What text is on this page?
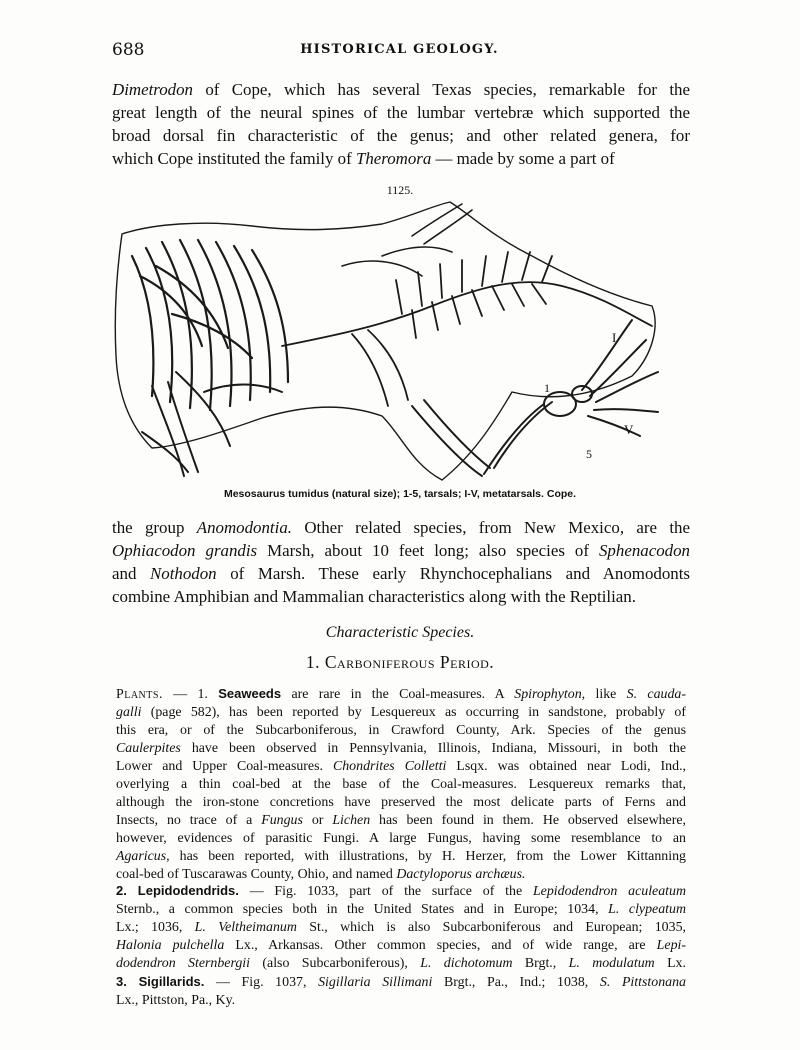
688	HISTORICAL GEOLOGY.
Dimetrodon of Cope, which has several Texas species, remarkable for the
great length of the neural spines of the lumbar vertebræ which supported the
broad dorsal fin characteristic of the genus; and other related genera, for
which Cope instituted the family of Theromora — made by some a part of
1125.
I
V
1
5
Mesosaurus tumidus (natural size); 1-5, tarsals; I-V, metatarsals. Cope.
the group Anomodontia. Other related species, from New Mexico, are the
Ophiacodon grandis Marsh, about 10 feet long; also species of Sphenacodon
and Nothodon of Marsh. These early Rhynchocephalians and Anomodonts
combine Amphibian and Mammalian characteristics along with the Reptilian.
Characteristic Species.
1. Carboniferous Period.
Plants. — 1. Seaweeds are rare in the Coal-measures. A Spirophyton, like S. cauda-
galli (page 582), has been reported by Lesquereux as occurring in sandstone, probably of
this era, or of the Subcarboniferous, in Crawford County, Ark. Species of the genus
Caulerpites have been observed in Pennsylvania, Illinois, Indiana, Missouri, in both the
Lower and Upper Coal-measures. Chondrites Colletti Lsqx. was obtained near Lodi, Ind.,
overlying a thin coal-bed at the base of the Coal-measures. Lesquereux remarks that,
although the iron-stone concretions have preserved the most delicate parts of Ferns and
Insects, no trace of a Fungus or Lichen has been found in them. He observed elsewhere,
however, evidences of parasitic Fungi. A large Fungus, having some resemblance to an
Agaricus, has been reported, with illustrations, by H. Herzer, from the Lower Kittanning
coal-bed of Tuscarawas County, Ohio, and named Dactyloporus archæus.
2. Lepidodendrids. — Fig. 1033, part of the surface of the Lepidodendron aculeatum
Sternb., a common species both in the United States and in Europe; 1034, L. clypeatum
Lx.; 1036, L. Veltheimanum St., which is also Subcarboniferous and European; 1035,
Halonia pulchella Lx., Arkansas. Other common species, and of wide range, are Lepi-
dodendron Sternbergii (also Subcarboniferous), L. dichotomum Brgt., L. modulatum Lx.
3. Sigillarids. — Fig. 1037, Sigillaria Sillimani Brgt., Pa., Ind.; 1038, S. Pittstonana
Lx., Pittston, Pa., Ky.
